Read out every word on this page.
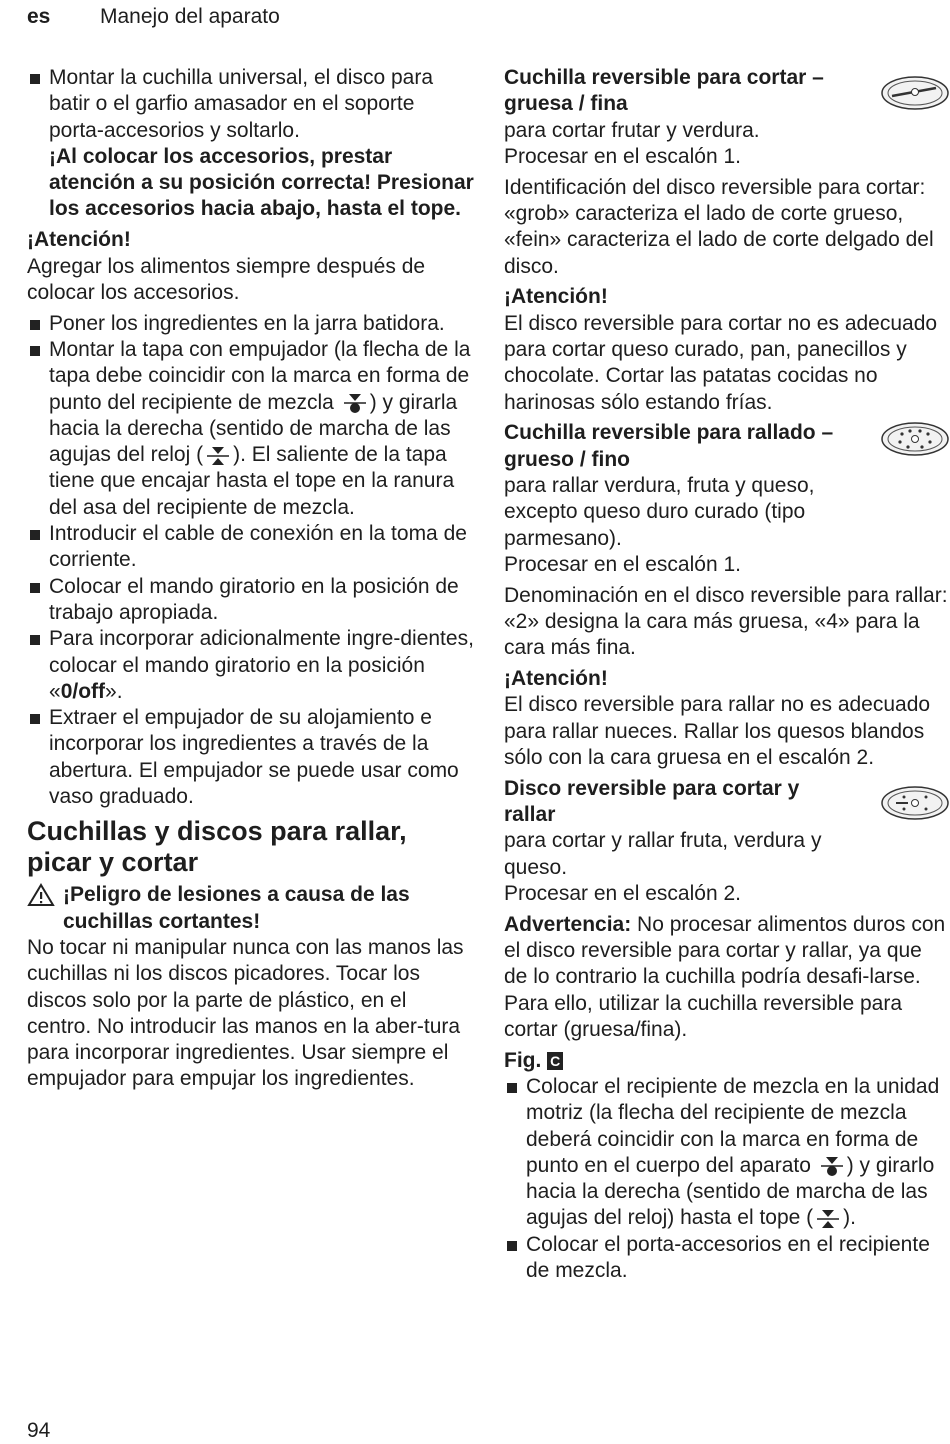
es Manejo del aparato

Montar la cuchilla universal, el disco para batir o el garfio amasador en el soporte porta-accesorios y soltarlo.

¡Al colocar los accesorios, prestar atención a su posición correcta! Presionar los accesorios hacia abajo, hasta el tope.

¡Atención!

Agregar los alimentos siempre después de colocar los accesorios.

Poner los ingredientes en la jarra batidora.

Montar la tapa con empujador (la flecha de la tapa debe coincidir con la marca en forma de punto del recipiente de mezcla ) y girarla hacia la derecha (sentido de marcha de las agujas del reloj ( ). El saliente de la tapa tiene que encajar hasta el tope en la ranura del asa del recipiente de mezcla.

Introducir el cable de conexión en la toma de corriente.

Colocar el mando giratorio en la posición de trabajo apropiada.

Para incorporar adicionalmente ingre-dientes, colocar el mando giratorio en la posición «0/off».

Extraer el empujador de su alojamiento e incorporar los ingredientes a través de la abertura. El empujador se puede usar como vaso graduado.

Cuchillas y discos para rallar, picar y cortar

¡Peligro de lesiones a causa de las cuchillas cortantes!

No tocar ni manipular nunca con las manos las cuchillas ni los discos picadores. Tocar los discos solo por la parte de plástico, en el centro. No introducir las manos en la aber-tura para incorporar ingredientes. Usar siempre el empujador para empujar los ingredientes.

Cuchilla reversible para cortar – gruesa / fina

para cortar frutar y verdura.

Procesar en el escalón 1.

Identificación del disco reversible para cortar: «grob» caracteriza el lado de corte grueso, «fein» caracteriza el lado de corte delgado del disco.

¡Atención!

El disco reversible para cortar no es adecuado para cortar queso curado, pan, panecillos y chocolate. Cortar las patatas cocidas no harinosas sólo estando frías.

Cuchilla reversible para rallado – grueso / fino

para rallar verdura, fruta y queso, excepto queso duro curado (tipo parmesano).

Procesar en el escalón 1.

Denominación en el disco reversible para rallar: «2» designa la cara más gruesa, «4» para la cara más fina.

¡Atención!

El disco reversible para rallar no es adecuado para rallar nueces. Rallar los quesos blandos sólo con la cara gruesa en el escalón 2.

Disco reversible para cortar y rallar

para cortar y rallar fruta, verdura y queso.

Procesar en el escalón 2.

Advertencia: No procesar alimentos duros con el disco reversible para cortar y rallar, ya que de lo contrario la cuchilla podría desafi-larse. Para ello, utilizar la cuchilla reversible para cortar (gruesa/fina).

Fig. C

Colocar el recipiente de mezcla en la unidad motriz (la flecha del recipiente de mezcla deberá coincidir con la marca en forma de punto en el cuerpo del aparato ) y girarlo hacia la derecha (sentido de marcha de las agujas del reloj) hasta el tope ( ).

Colocar el porta-accesorios en el recipiente de mezcla.

94
